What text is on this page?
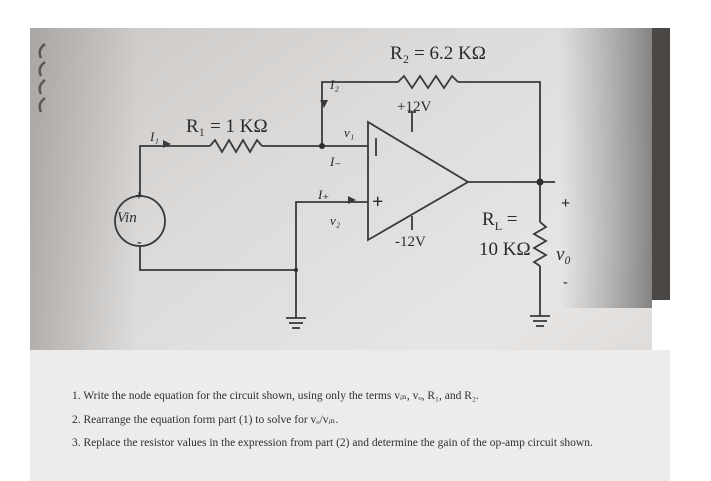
R₂ = 6.2 KΩ
R₁ = 1 KΩ
+12V
-12V
I₁
I₂
v₁
I₋
I₊
v₂
Vin
+
-
+
$R_L$ =
10 KΩ v₀
+
-
1. Write the node equation for the circuit shown, using only the terms vᵢₙ, vₒ, R₁, and R₂.
2. Rearrange the equation form part (1) to solve for vₒ/vᵢₙ.
3. Replace the resistor values in the expression from part (2) and determine the gain of the op-amp circuit shown.
